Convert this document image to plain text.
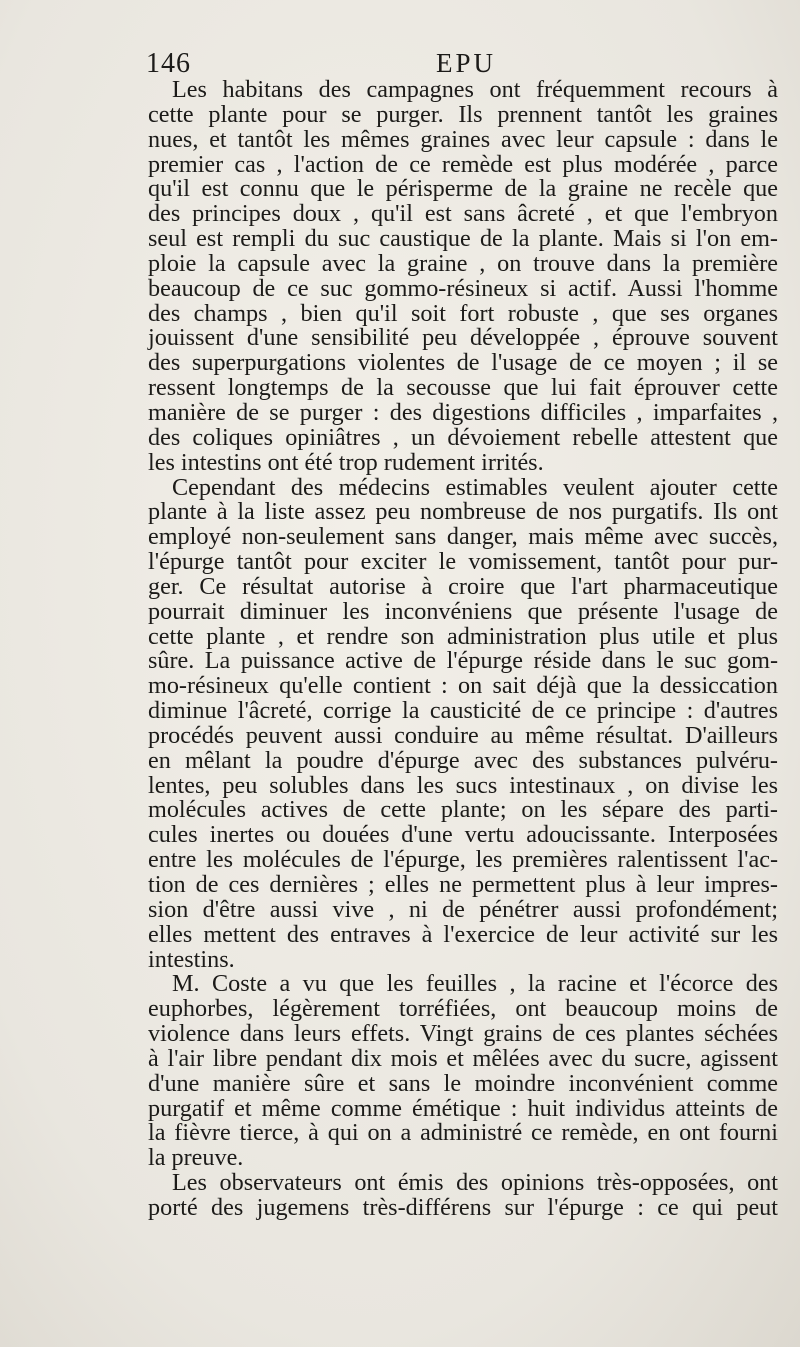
146	EPU
Les habitans des campagnes ont fréquemment recours à
cette plante pour se purger. Ils prennent tantôt les graines
nues, et tantôt les mêmes graines avec leur capsule : dans le
premier cas , l'action de ce remède est plus modérée , parce
qu'il est connu que le périsperme de la graine ne recèle que
des principes doux , qu'il est sans âcreté , et que l'embryon
seul est rempli du suc caustique de la plante. Mais si l'on em-
ploie la capsule avec la graine , on trouve dans la première
beaucoup de ce suc gommo-résineux si actif. Aussi l'homme
des champs , bien qu'il soit fort robuste , que ses organes
jouissent d'une sensibilité peu développée , éprouve souvent
des superpurgations violentes de l'usage de ce moyen ; il se
ressent longtemps de la secousse que lui fait éprouver cette
manière de se purger : des digestions difficiles , imparfaites ,
des coliques opiniâtres , un dévoiement rebelle attestent que
les intestins ont été trop rudement irrités.
Cependant des médecins estimables veulent ajouter cette
plante à la liste assez peu nombreuse de nos purgatifs. Ils ont
employé non-seulement sans danger, mais même avec succès,
l'épurge tantôt pour exciter le vomissement, tantôt pour pur-
ger. Ce résultat autorise à croire que l'art pharmaceutique
pourrait diminuer les inconvéniens que présente l'usage de
cette plante , et rendre son administration plus utile et plus
sûre. La puissance active de l'épurge réside dans le suc gom-
mo-résineux qu'elle contient : on sait déjà que la dessiccation
diminue l'âcreté, corrige la causticité de ce principe : d'autres
procédés peuvent aussi conduire au même résultat. D'ailleurs
en mêlant la poudre d'épurge avec des substances pulvéru-
lentes, peu solubles dans les sucs intestinaux , on divise les
molécules actives de cette plante; on les sépare des parti-
cules inertes ou douées d'une vertu adoucissante. Interposées
entre les molécules de l'épurge, les premières ralentissent l'ac-
tion de ces dernières ; elles ne permettent plus à leur impres-
sion d'être aussi vive , ni de pénétrer aussi profondément;
elles mettent des entraves à l'exercice de leur activité sur les
intestins.
M. Coste a vu que les feuilles , la racine et l'écorce des
euphorbes, légèrement torréfiées, ont beaucoup moins de
violence dans leurs effets. Vingt grains de ces plantes séchées
à l'air libre pendant dix mois et mêlées avec du sucre, agissent
d'une manière sûre et sans le moindre inconvénient comme
purgatif et même comme émétique : huit individus atteints de
la fièvre tierce, à qui on a administré ce remède, en ont fourni
la preuve.
Les observateurs ont émis des opinions très-opposées, ont
porté des jugemens très-différens sur l'épurge : ce qui peut
